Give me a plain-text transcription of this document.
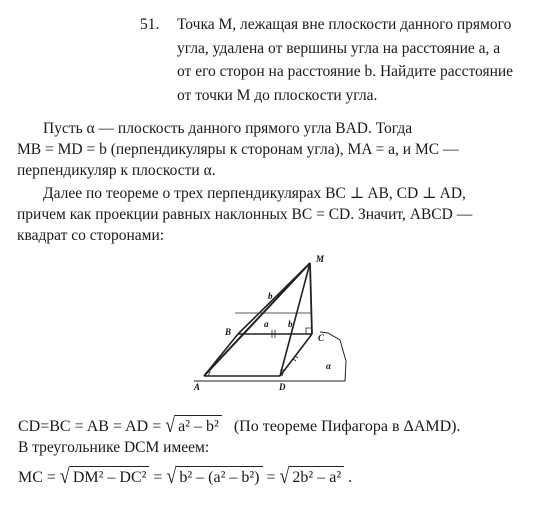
51. Точка M, лежащая вне плоскости данного прямого
угла, удалена от вершины угла на расстояние a, а
от его сторон на расстояние b. Найдите расстояние
от точки M до плоскости угла.
Пусть α — плоскость данного прямого угла BAD. Тогда
MB = MD = b (перпендикуляры к сторонам угла), MA = a, и MC —
перпендикуляр к плоскости α.
Далее по теореме о трех перпендикулярах BC ⊥ AB, CD ⊥ AD,
причем как проекции равных наклонных BC = CD. Значит, ABCD —
квадрат со сторонами:
M
B
C
A	D
a
b
b
α
CD=BC = AB = AD = √ a² – b² (По теореме Пифагора в ΔAMD).
В треугольнике DCM имеем:
MC = √ DM² – DC² = √ b² – (a² – b²) = √ 2b² – a² .
